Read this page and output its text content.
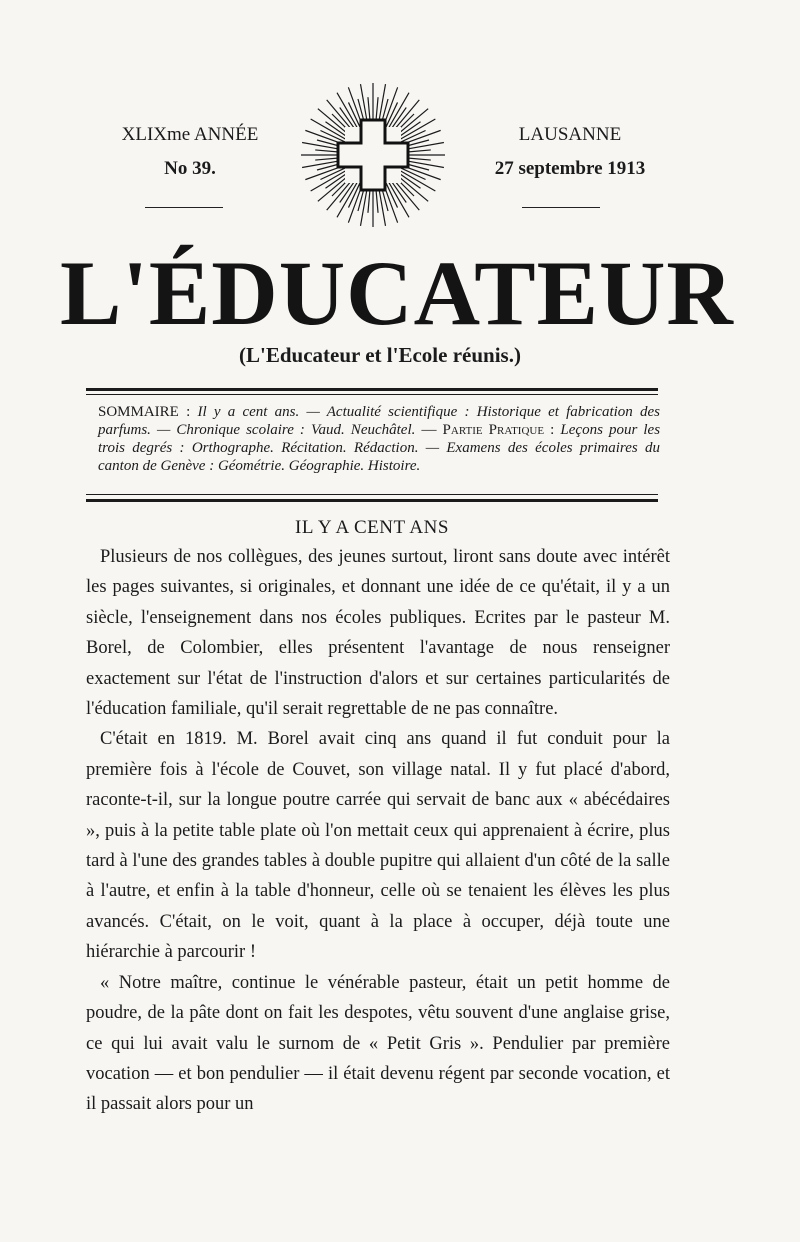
XLIXme ANNÉE
No 39.
LAUSANNE
27 septembre 1913
L'ÉDUCATEUR
(L'Educateur et l'Ecole réunis.)
SOMMAIRE : Il y a cent ans. — Actualité scientifique : Historique et fabrication des parfums. — Chronique scolaire : Vaud. Neuchâtel. — Partie Pratique : Leçons pour les trois degrés : Orthographe. Récitation. Rédaction. — Examens des écoles primaires du canton de Genève : Géométrie. Géographie. Histoire.
IL Y A CENT ANS

Plusieurs de nos collègues, des jeunes surtout, liront sans doute avec intérêt les pages suivantes, si originales, et donnant une idée de ce qu'était, il y a un siècle, l'enseignement dans nos écoles publiques. Ecrites par le pasteur M. Borel, de Colombier, elles présentent l'avantage de nous renseigner exactement sur l'état de l'instruction d'alors et sur certaines particularités de l'éducation familiale, qu'il serait regrettable de ne pas connaître.

C'était en 1819. M. Borel avait cinq ans quand il fut conduit pour la première fois à l'école de Couvet, son village natal. Il y fut placé d'abord, raconte-t-il, sur la longue poutre carrée qui servait de banc aux « abécédaires », puis à la petite table plate où l'on mettait ceux qui apprenaient à écrire, plus tard à l'une des grandes tables à double pupitre qui allaient d'un côté de la salle à l'autre, et enfin à la table d'honneur, celle où se tenaient les élèves les plus avancés. C'était, on le voit, quant à la place à occuper, déjà toute une hiérarchie à parcourir !

« Notre maître, continue le vénérable pasteur, était un petit homme de poudre, de la pâte dont on fait les despotes, vêtu souvent d'une anglaise grise, ce qui lui avait valu le surnom de « Petit Gris ». Pendulier par première vocation — et bon pendulier — il était devenu régent par seconde vocation, et il passait alors pour un
